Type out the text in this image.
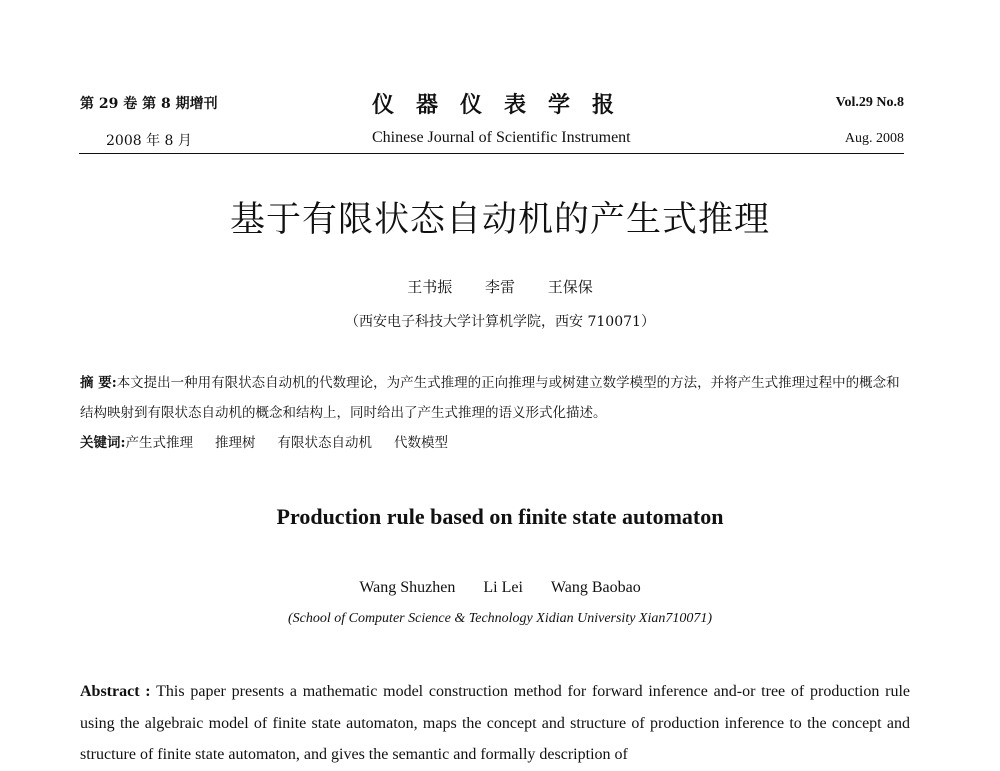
第 29 卷 第 8 期增刊
2008 年 8 月
仪器仪表学报
Chinese Journal of Scientific Instrument
Vol.29 No.8
Aug. 2008
基于有限状态自动机的产生式推理
王书振 李雷 王保保
（西安电子科技大学计算机学院，西安 710071）
摘 要:本文提出一种用有限状态自动机的代数理论，为产生式推理的正向推理与或树建立数学模型的方法，并将产生式推理过程中的概念和结构映射到有限状态自动机的概念和结构上，同时给出了产生式推理的语义形式化描述。
关键词:产生式推理 推理树 有限状态自动机 代数模型
Production rule based on finite state automaton
Wang Shuzhen Li Lei Wang Baobao
(School of Computer Science & Technology Xidian University Xian710071)
Abstract : This paper presents a mathematic model construction method for forward inference and-or tree of production rule using the algebraic model of finite state automaton, maps the concept and structure of production inference to the concept and structure of finite state automaton, and gives the semantic and formally description of
